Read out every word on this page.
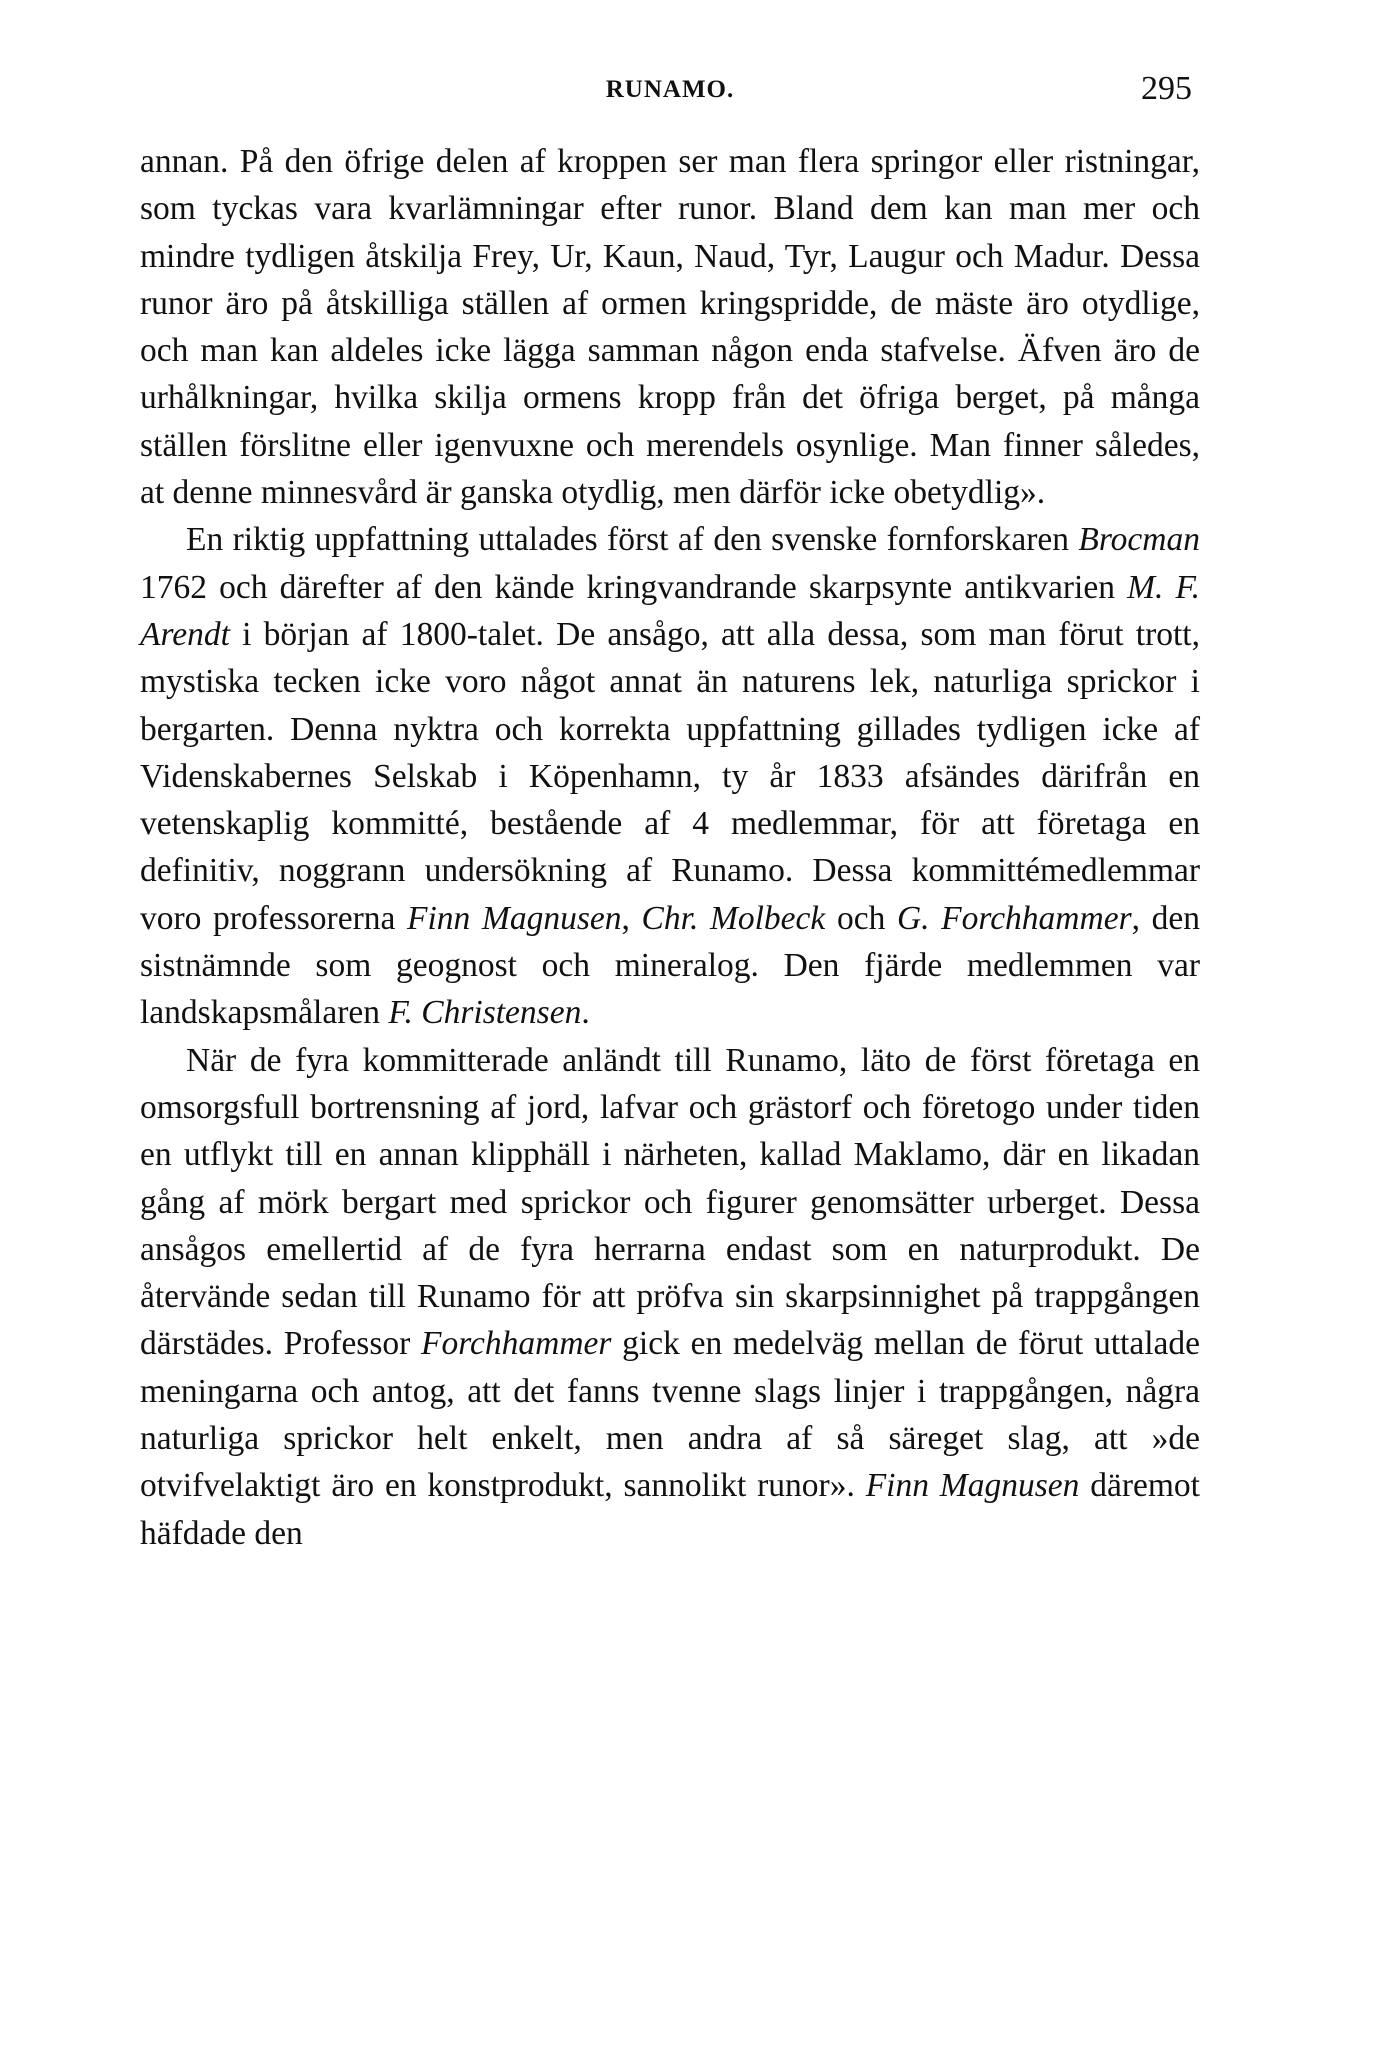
RUNAMO.	295

annan. På den öfrige delen af kroppen ser man flera springor eller ristningar, som tyckas vara kvarlämningar efter runor. Bland dem kan man mer och mindre tydligen åtskilja Frey, Ur, Kaun, Naud, Tyr, Laugur och Madur. Dessa runor äro på åtskilliga ställen af ormen kringspridde, de mäste äro otydlige, och man kan aldeles icke lägga samman någon enda stafvelse. Äfven äro de urhålkningar, hvilka skilja ormens kropp från det öfriga berget, på många ställen förslitne eller igenvuxne och merendels osynlige. Man finner således, at denne minnesvård är ganska otydlig, men därför icke obetydlig».

En riktig uppfattning uttalades först af den svenske fornforskaren Brocman 1762 och därefter af den kände kringvandrande skarpsynte antikvarien M. F. Arendt i början af 1800-talet. De ansågo, att alla dessa, som man förut trott, mystiska tecken icke voro något annat än naturens lek, naturliga sprickor i bergarten. Denna nyktra och korrekta uppfattning gillades tydligen icke af Videnskabernes Selskab i Köpenhamn, ty år 1833 afsändes därifrån en vetenskaplig kommitté, bestående af 4 medlemmar, för att företaga en definitiv, noggrann undersökning af Runamo. Dessa kommittémedlemmar voro professorerna Finn Magnusen, Chr. Molbeck och G. Forchhammer, den sistnämnde som geognost och mineralog. Den fjärde medlemmen var landskapsmålaren F. Christensen.

När de fyra kommitterade anländt till Runamo, läto de först företaga en omsorgsfull bortrensning af jord, lafvar och grästorf och företogo under tiden en utflykt till en annan klipphäll i närheten, kallad Maklamo, där en likadan gång af mörk bergart med sprickor och figurer genomsätter urberget. Dessa ansågos emellertid af de fyra herrarna endast som en naturprodukt. De återvände sedan till Runamo för att pröfva sin skarpsinnighet på trappgången därstädes. Professor Forchhammer gick en medelväg mellan de förut uttalade meningarna och antog, att det fanns tvenne slags linjer i trappgången, några naturliga sprickor helt enkelt, men andra af så säreget slag, att »de otvifvelaktigt äro en konstprodukt, sannolikt runor». Finn Magnusen däremot häfdade den
